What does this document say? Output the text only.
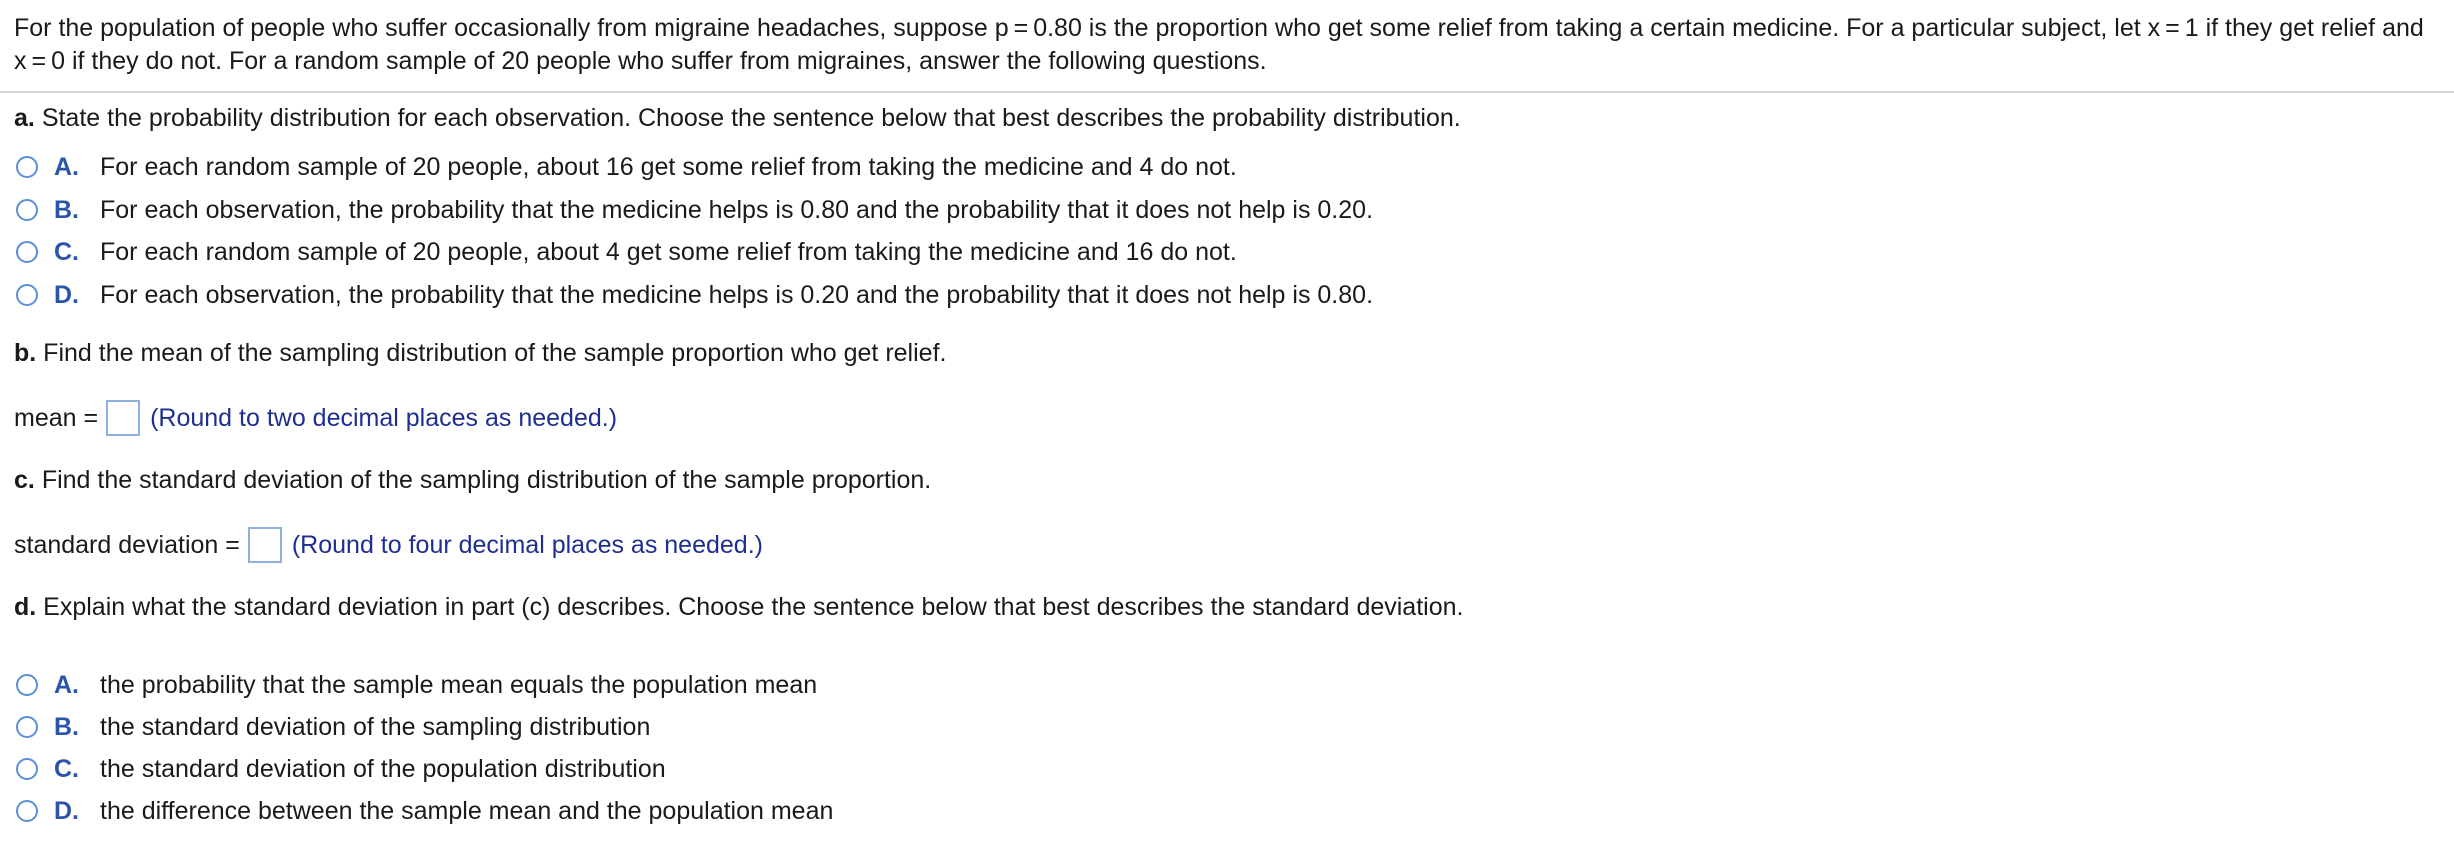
For the population of people who suffer occasionally from migraine headaches, suppose p = 0.80 is the proportion who get some relief from taking a certain medicine. For a particular subject, let x = 1 if they get relief and x = 0 if they do not. For a random sample of 20 people who suffer from migraines, answer the following questions.
a. State the probability distribution for each observation. Choose the sentence below that best describes the probability distribution.
A. For each random sample of 20 people, about 16 get some relief from taking the medicine and 4 do not.
B. For each observation, the probability that the medicine helps is 0.80 and the probability that it does not help is 0.20.
C. For each random sample of 20 people, about 4 get some relief from taking the medicine and 16 do not.
D. For each observation, the probability that the medicine helps is 0.20 and the probability that it does not help is 0.80.
b. Find the mean of the sampling distribution of the sample proportion who get relief.
mean = (Round to two decimal places as needed.)
c. Find the standard deviation of the sampling distribution of the sample proportion.
standard deviation = (Round to four decimal places as needed.)
d. Explain what the standard deviation in part (c) describes. Choose the sentence below that best describes the standard deviation.
A. the probability that the sample mean equals the population mean
B. the standard deviation of the sampling distribution
C. the standard deviation of the population distribution
D. the difference between the sample mean and the population mean
